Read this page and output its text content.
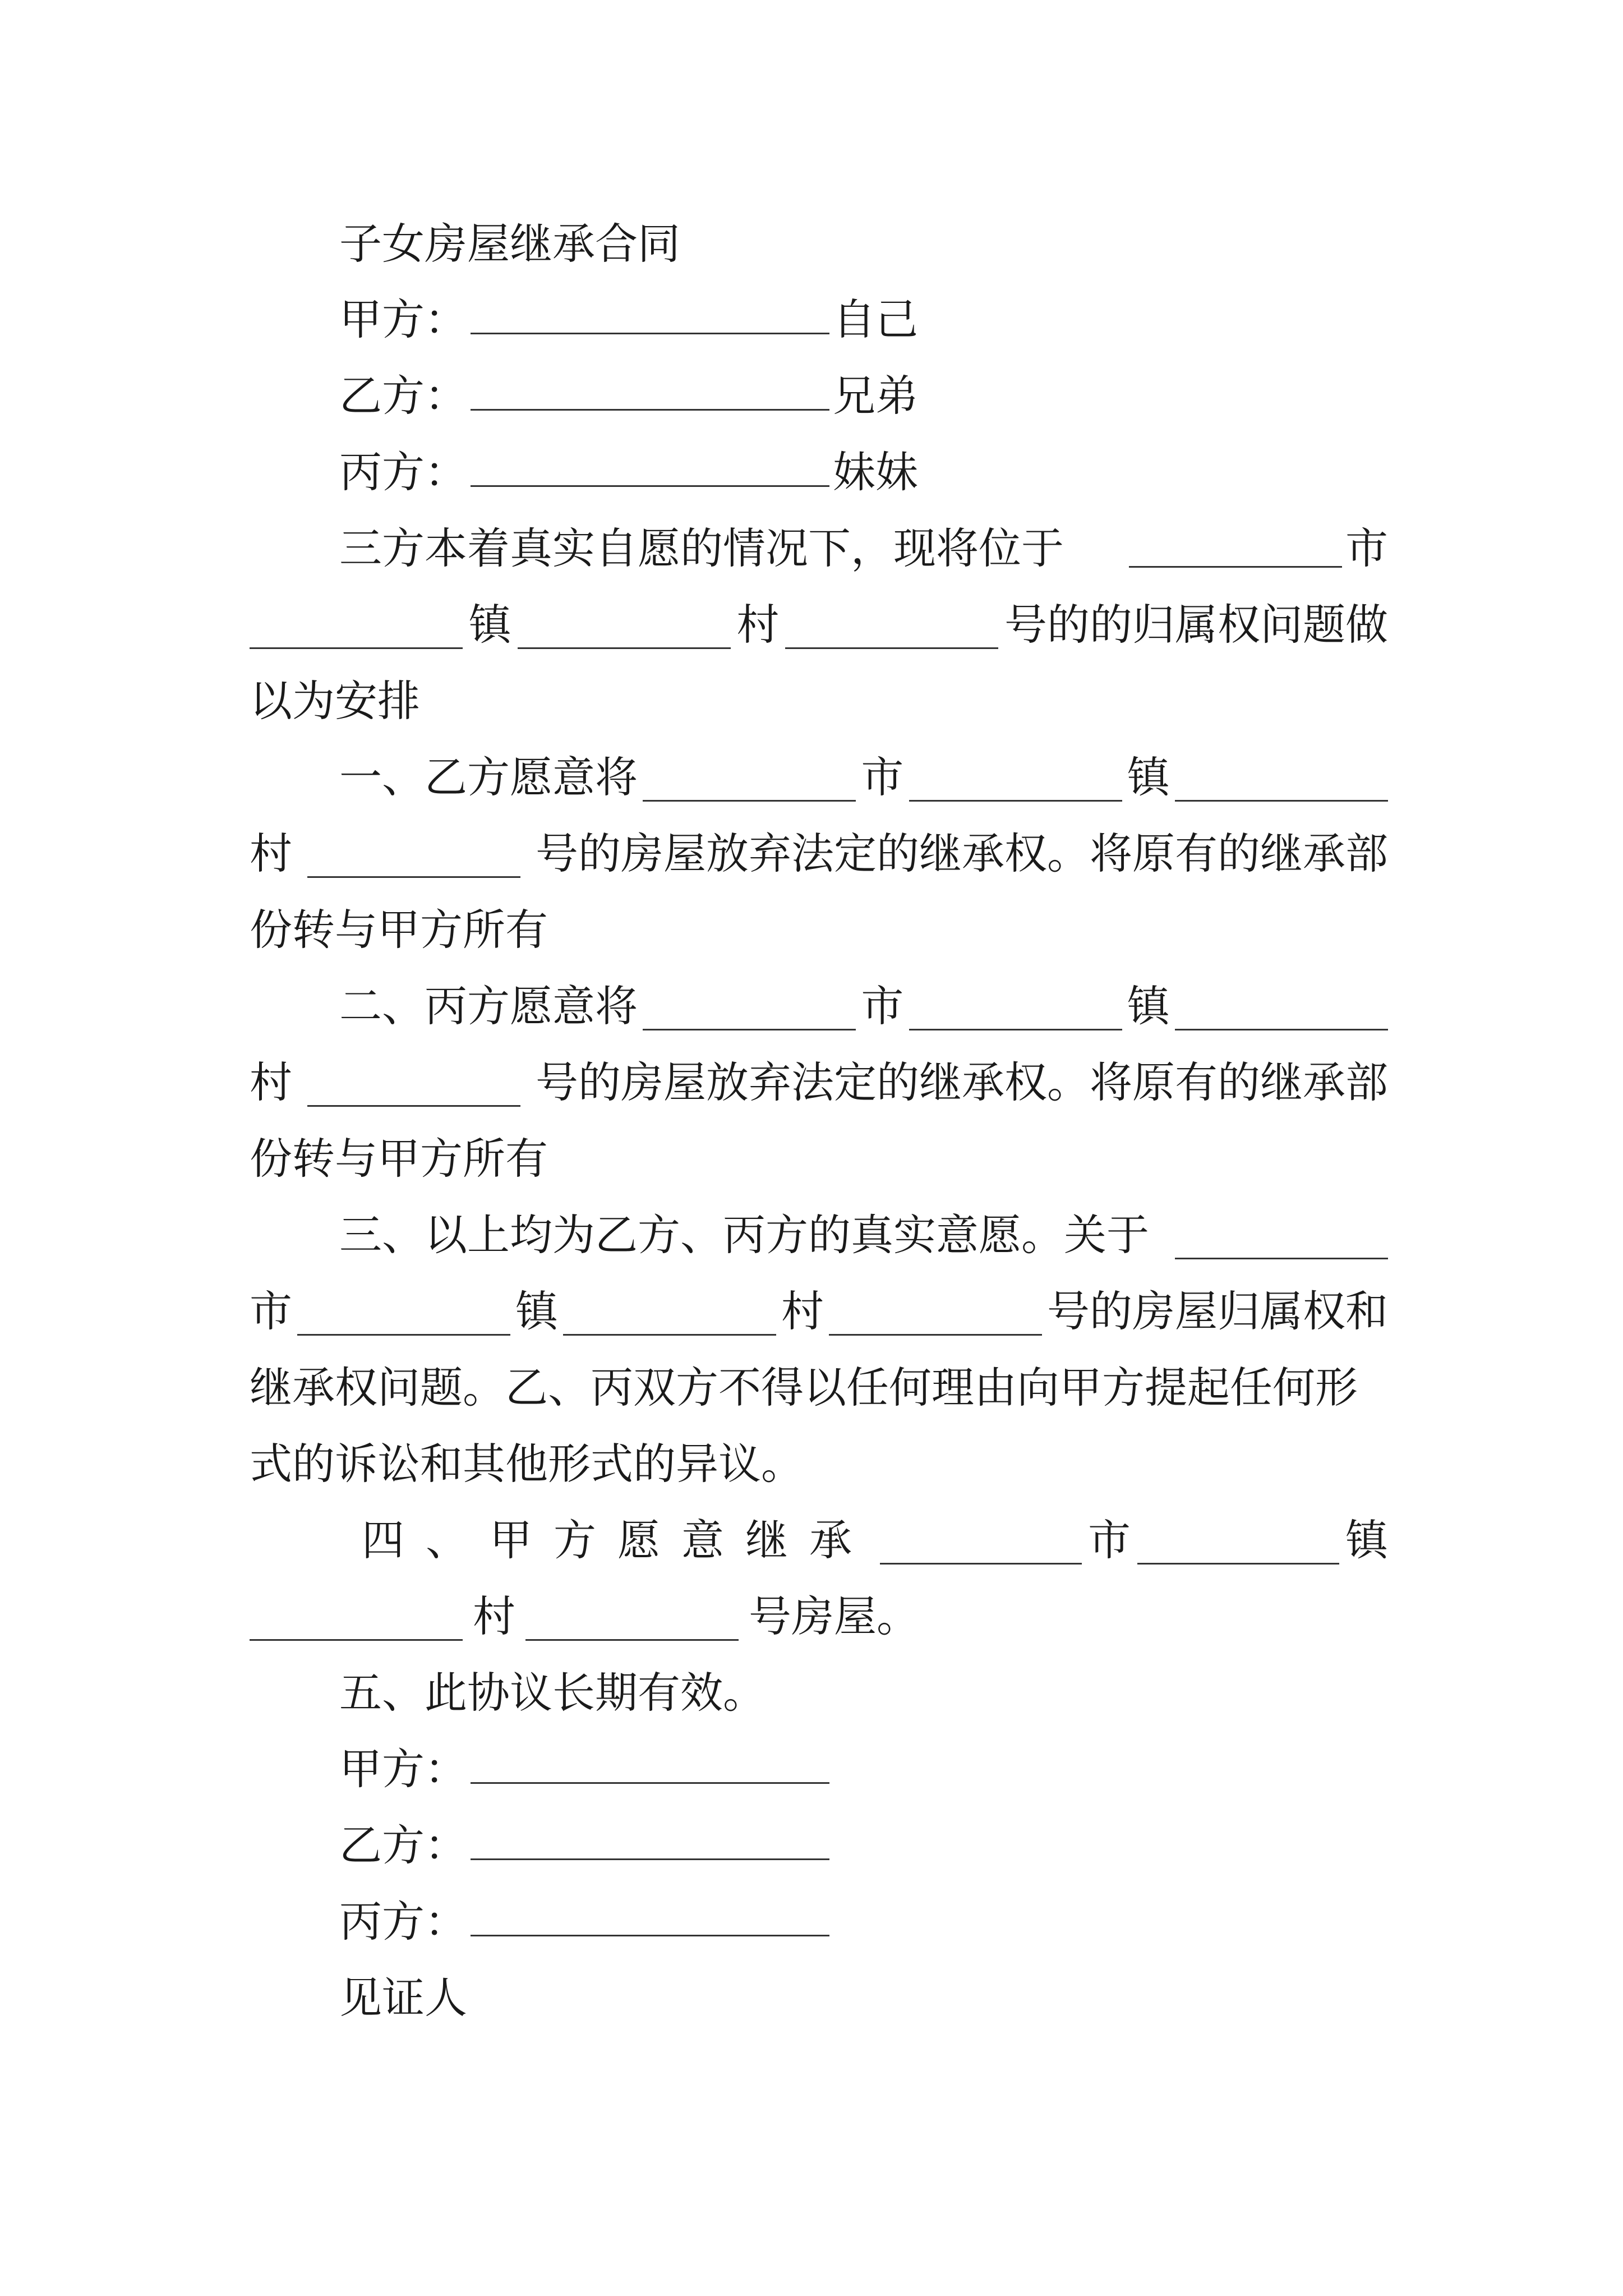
子女房屋继承合同
甲方：	自己
乙方：	兄弟
丙方：	妹妹
三方本着真实自愿的情况下，现将位于	市
镇	村	号的的归属权问题做
以为安排
一、乙方愿意将	市	镇
村	号的房屋放弃法定的继承权。将原有的继承部
份转与甲方所有
二、丙方愿意将	市	镇
村	号的房屋放弃法定的继承权。将原有的继承部
份转与甲方所有
三、以上均为乙方、丙方的真实意愿。关于
市	镇	村	号的房屋归属权和
继承权问题。乙、丙双方不得以任何理由向甲方提起任何形
式的诉讼和其他形式的异议。
四、甲方愿意继承	市	镇
村	号房屋。
五、此协议长期有效。
甲方：
乙方：
丙方：
见证人
